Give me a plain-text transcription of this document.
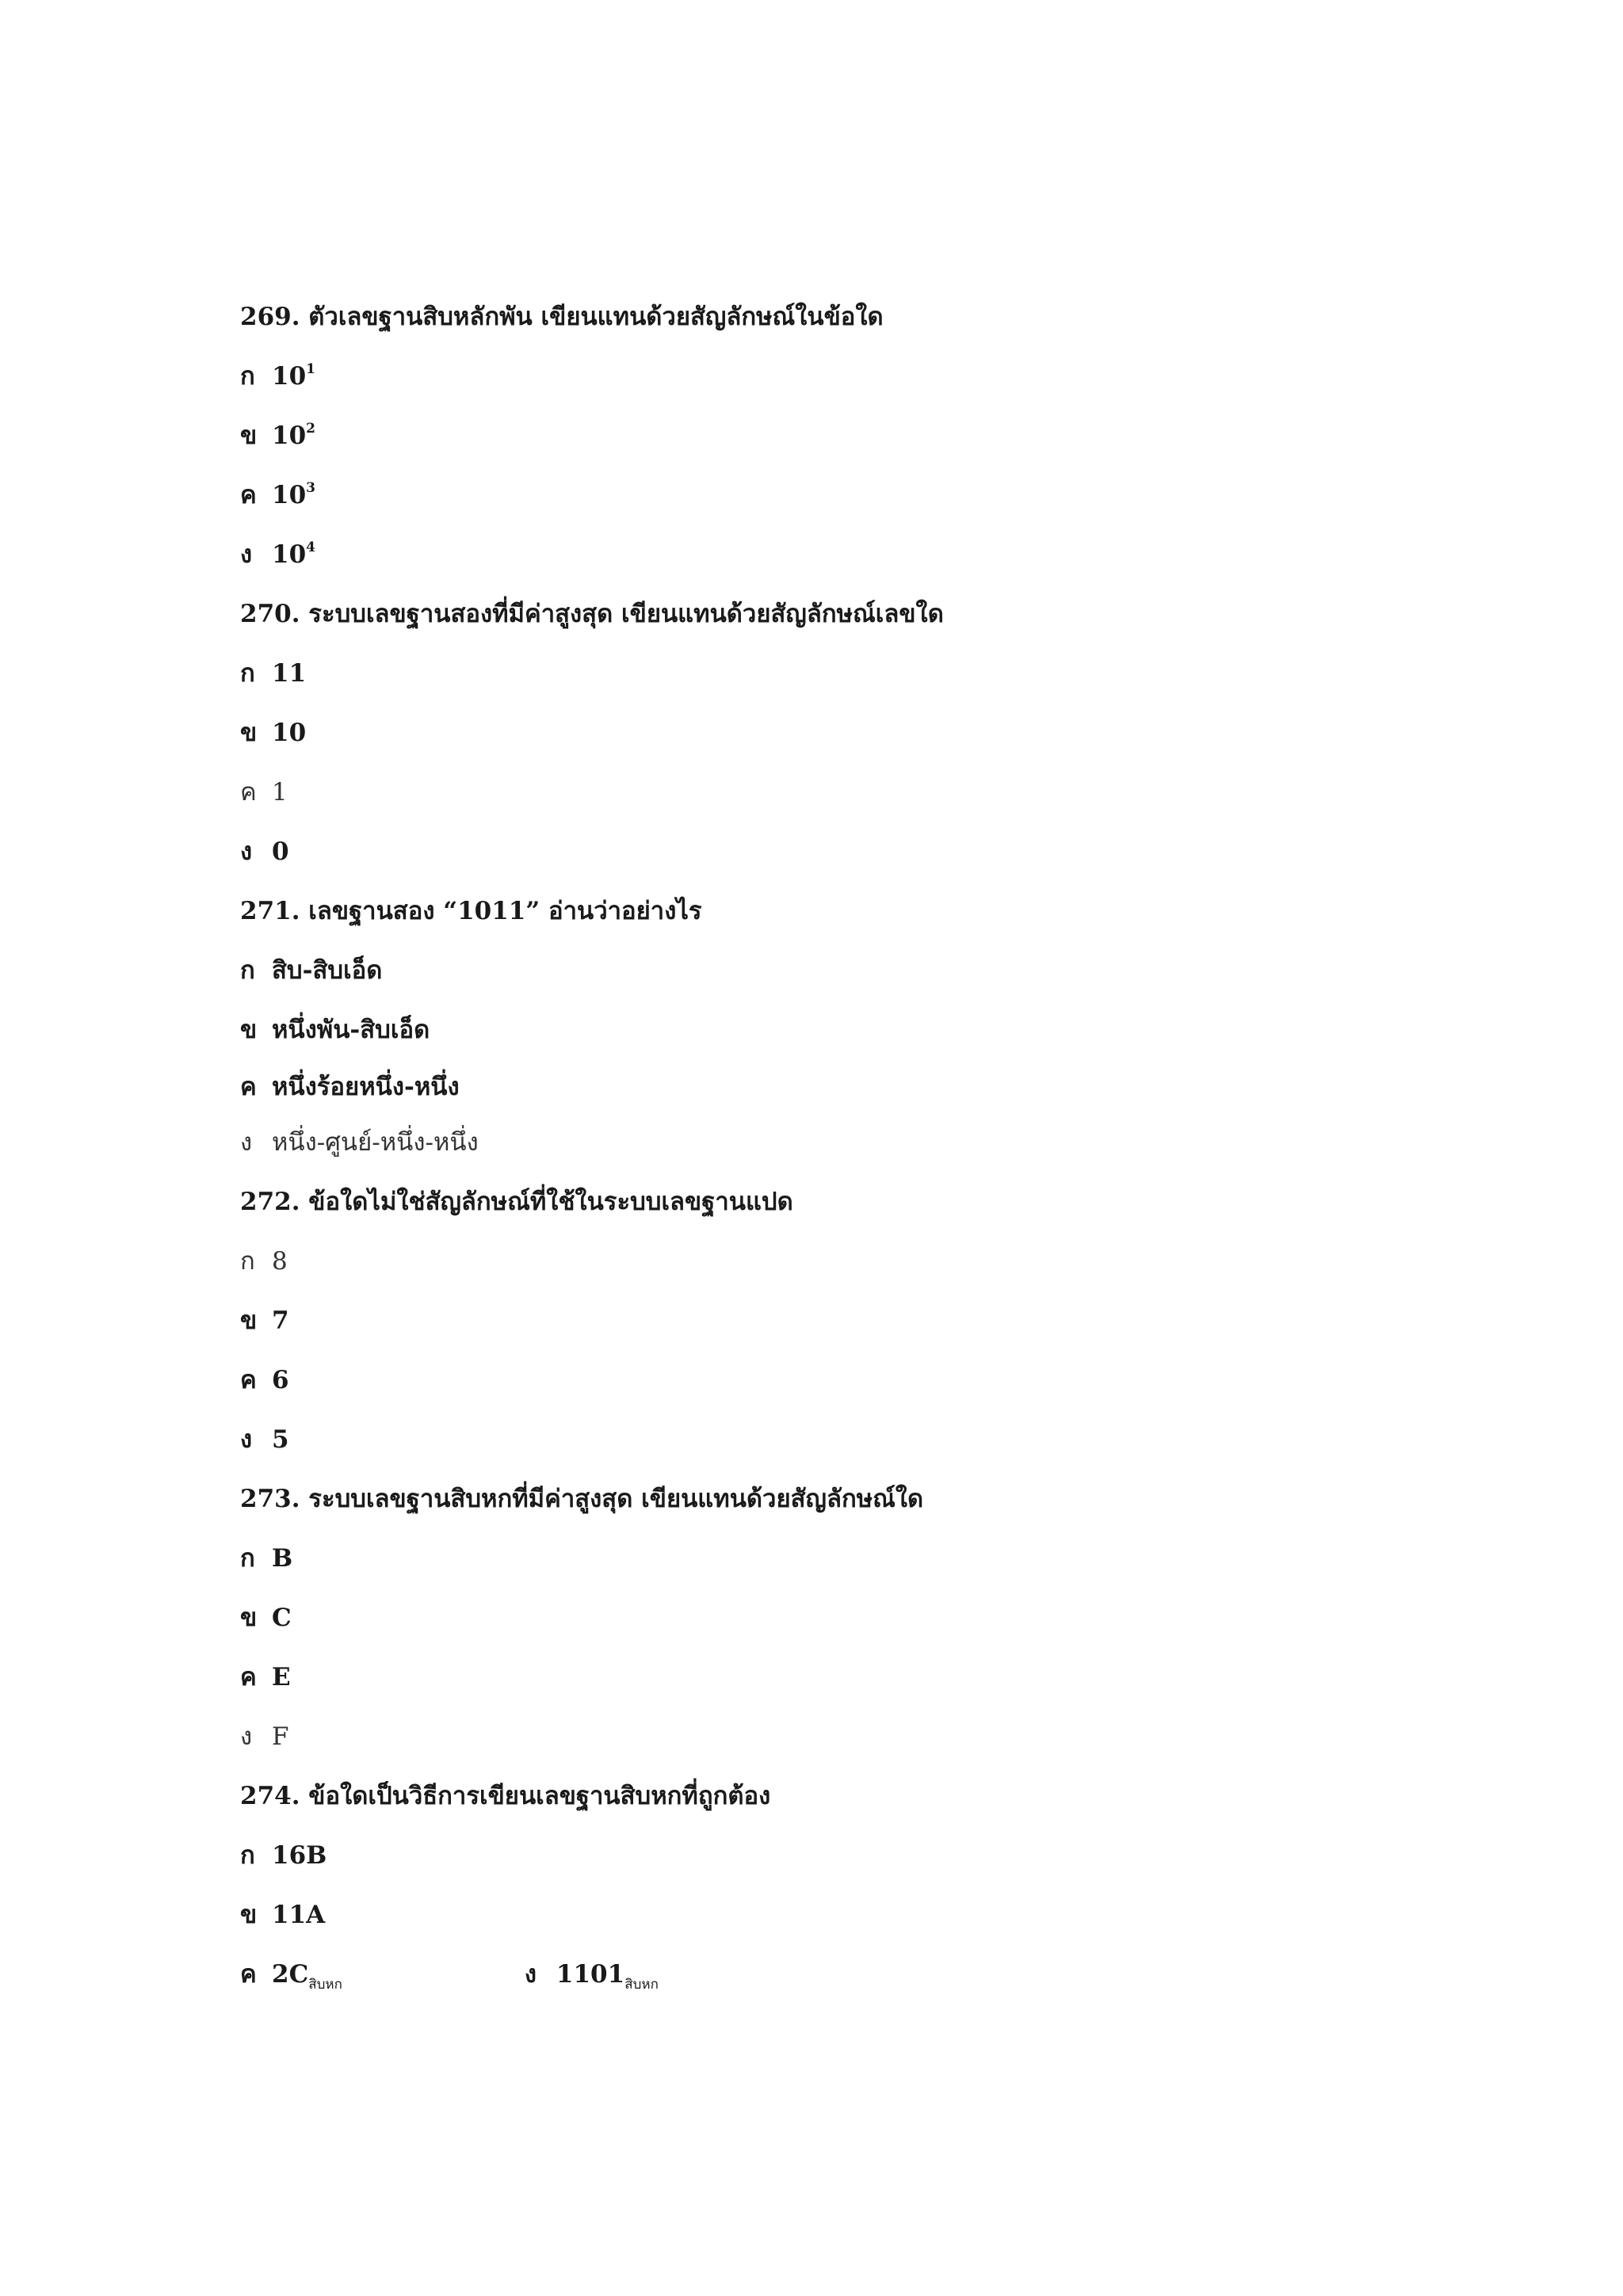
269. ตัวเลขฐานสิบหลักพัน เขียนแทนด้วยสัญลักษณ์ในข้อใด
ก $10^1$
ข $10^2$
ค $10^3$
ง $10^4$
270. ระบบเลขฐานสองที่มีค่าสูงสุด เขียนแทนด้วยสัญลักษณ์เลขใด
ก 11
ข 10
ค 1
ง 0
271. เลขฐานสอง “1011” อ่านว่าอย่างไร
ก สิบ-สิบเอ็ด
ข หนึ่งพัน-สิบเอ็ด
ค หนึ่งร้อยหนึ่ง-หนึ่ง
ง หนึ่ง-ศูนย์-หนึ่ง-หนึ่ง
272. ข้อใดไม่ใช่สัญลักษณ์ที่ใช้ในระบบเลขฐานแปด
ก 8
ข 7
ค 6
ง 5
273. ระบบเลขฐานสิบหกที่มีค่าสูงสุด เขียนแทนด้วยสัญลักษณ์ใด
ก B
ข C
ค E
ง F
274. ข้อใดเป็นวิธีการเขียนเลขฐานสิบหกที่ถูกต้อง
ก 16B
ข 11A
ค $2C_{สิบหก}$	ง $1101_{สิบหก}$
